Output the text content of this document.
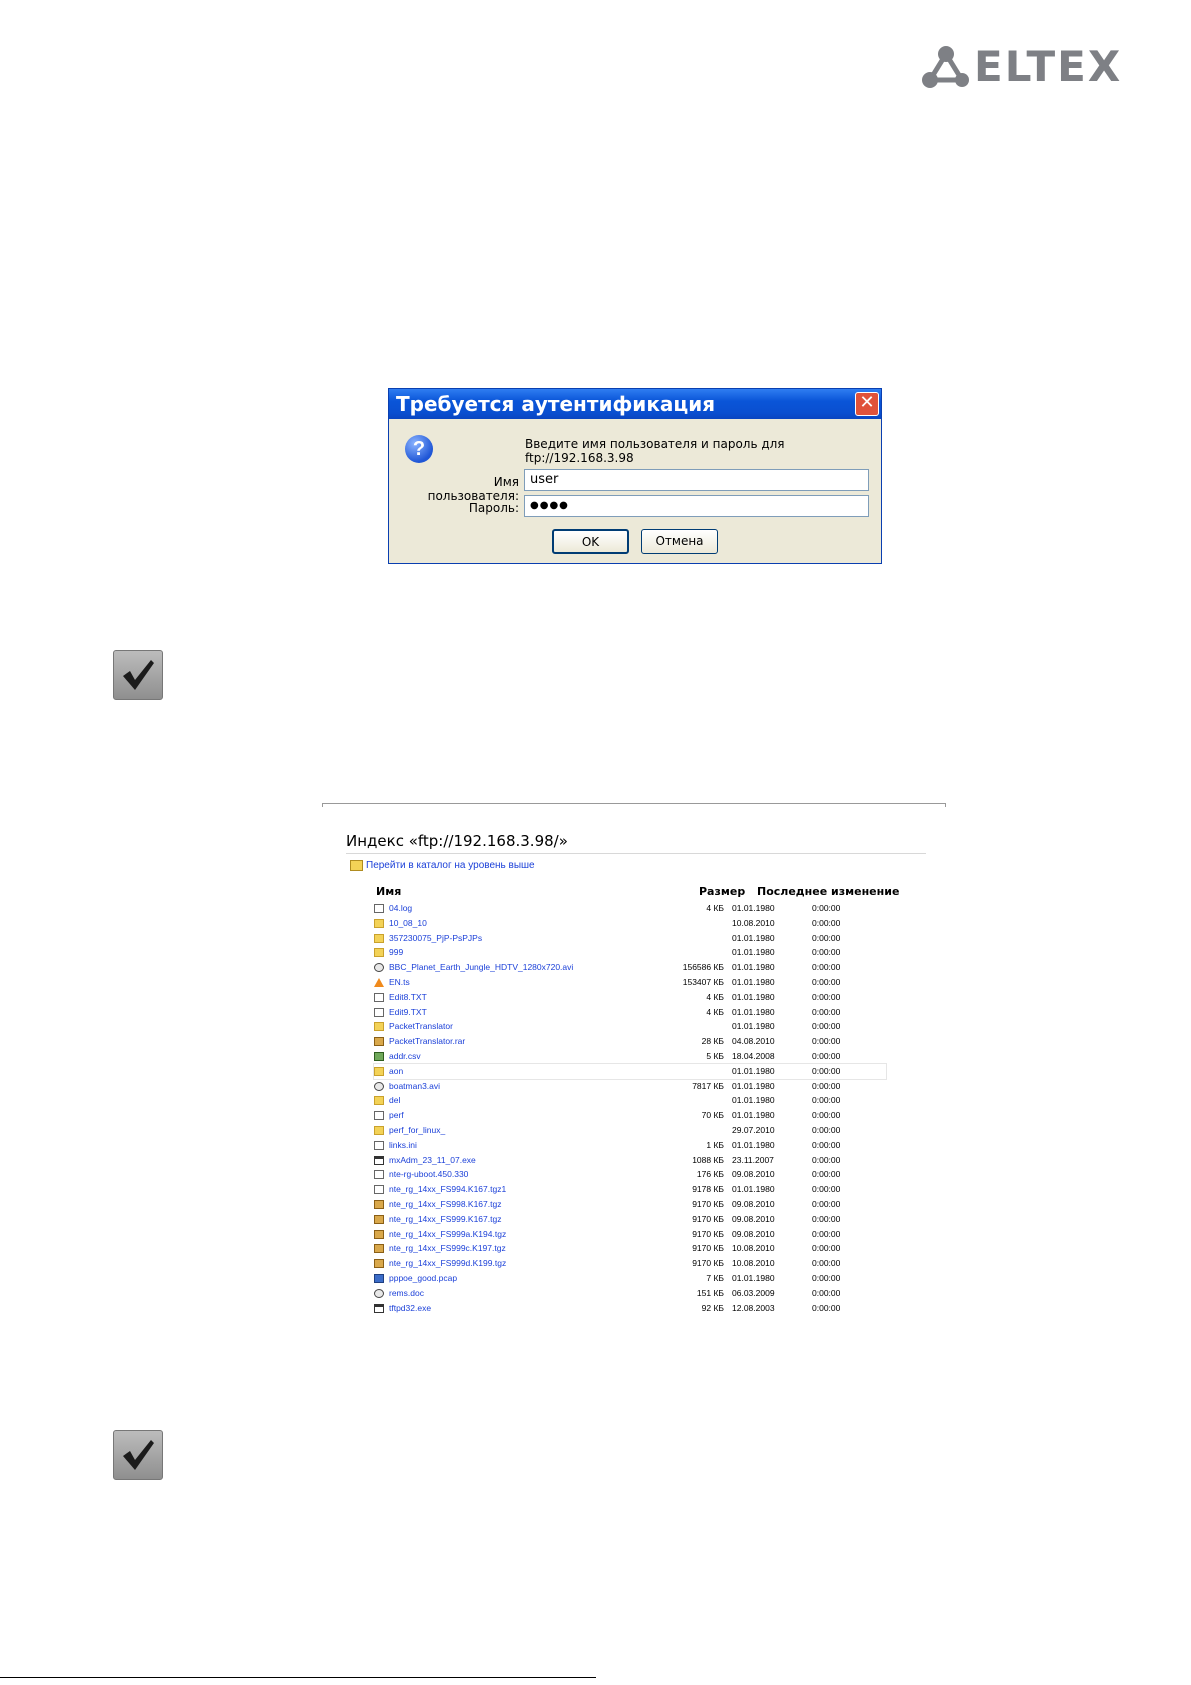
ELTEX
Требуется аутентификация	✕
?	Введите имя пользователя и пароль для ftp://192.168.3.98
Имя пользователя:
user
Пароль:	●●●●
OK	Отмена
Индекс «ftp://192.168.3.98/»
Перейти в каталог на уровень выше
Имя	Размер Последнее изменение
04.log	4 КБ 01.01.1980	0:00:00
10_08_10	10.08.2010	0:00:00
357230075_PjP-PsPJPs	01.01.1980	0:00:00
999	01.01.1980	0:00:00
BBC_Planet_Earth_Jungle_HDTV_1280x720.avi	156586 КБ 01.01.1980	0:00:00
EN.ts	153407 КБ 01.01.1980	0:00:00
Edit8.TXT	4 КБ 01.01.1980	0:00:00
Edit9.TXT	4 КБ 01.01.1980	0:00:00
PacketTranslator	01.01.1980	0:00:00
PacketTranslator.rar	28 КБ 04.08.2010	0:00:00
addr.csv	5 КБ 18.04.2008	0:00:00
aon	01.01.1980	0:00:00
boatman3.avi	7817 КБ 01.01.1980	0:00:00
del	01.01.1980	0:00:00
perf	70 КБ 01.01.1980	0:00:00
perf_for_linux_	29.07.2010	0:00:00
links.ini	1 КБ 01.01.1980	0:00:00
mxAdm_23_11_07.exe	1088 КБ 23.11.2007	0:00:00
nte-rg-uboot.450.330	176 КБ 09.08.2010	0:00:00
nte_rg_14xx_FS994.K167.tgz1	9178 КБ 01.01.1980	0:00:00
nte_rg_14xx_FS998.K167.tgz	9170 КБ 09.08.2010	0:00:00
nte_rg_14xx_FS999.K167.tgz	9170 КБ 09.08.2010	0:00:00
nte_rg_14xx_FS999a.K194.tgz	9170 КБ 09.08.2010	0:00:00
nte_rg_14xx_FS999c.K197.tgz	9170 КБ 10.08.2010	0:00:00
nte_rg_14xx_FS999d.K199.tgz	9170 КБ 10.08.2010	0:00:00
pppoe_good.pcap	7 КБ 01.01.1980	0:00:00
rems.doc	151 КБ 06.03.2009	0:00:00
tftpd32.exe	92 КБ 12.08.2003	0:00:00
